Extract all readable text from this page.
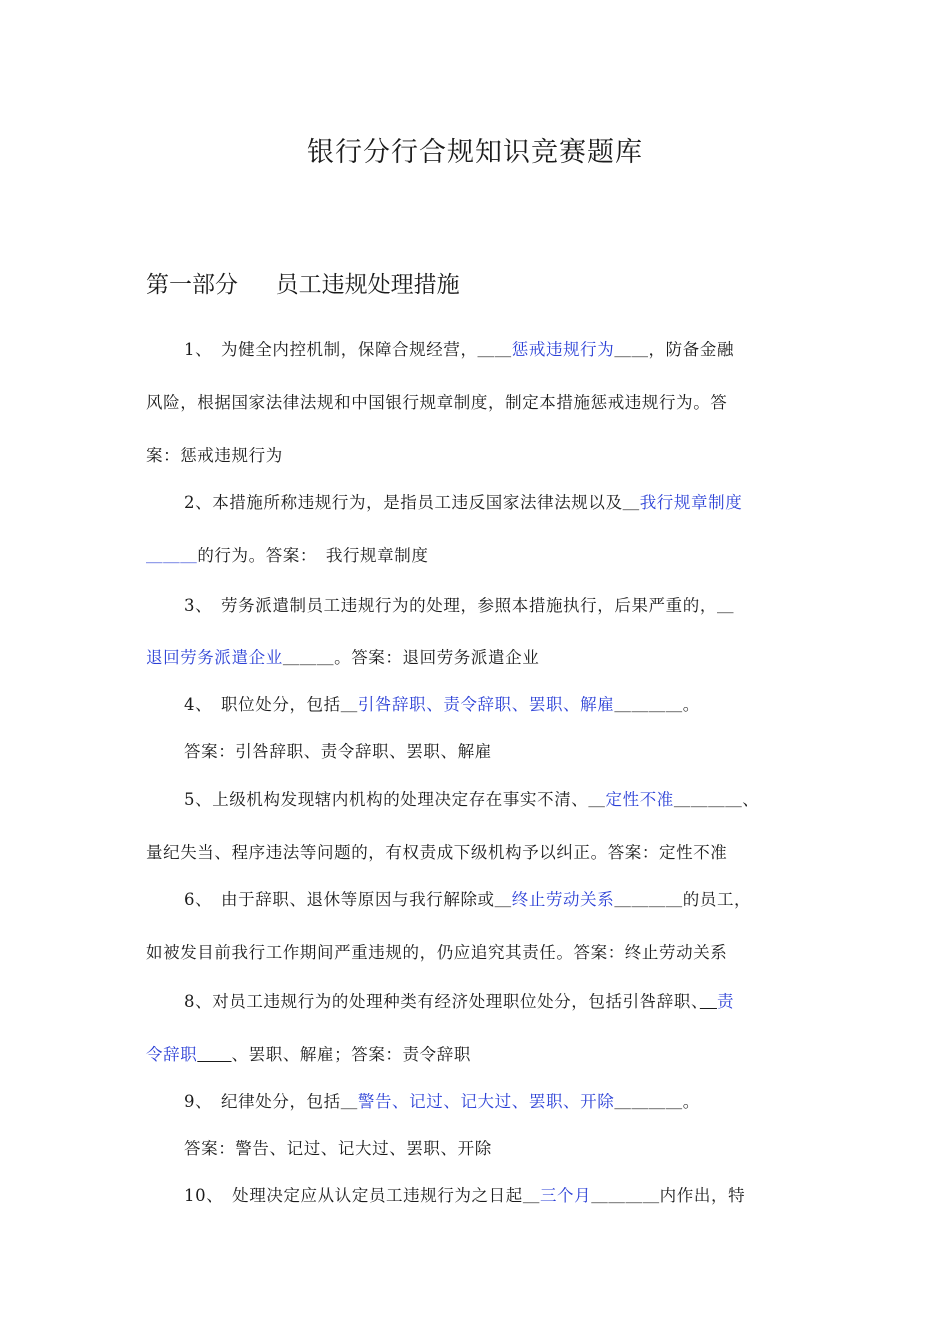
银行分行合规知识竞赛题库
第一部分　  员工违规处理措施
1、　为健全内控机制，保障合规经营，＿＿惩戒违规行为＿＿，防备金融
风险，根据国家法律法规和中国银行规章制度，制定本措施惩戒违规行为。答
案：惩戒违规行为
2、本措施所称违规行为，是指员工违反国家法律法规以及＿我行规章制度
＿＿＿的行为。答案：　我行规章制度
3、　劳务派遣制员工违规行为的处理，参照本措施执行，后果严重的，＿
退回劳务派遣企业＿＿＿。答案：退回劳务派遣企业
4、　职位处分，包括＿引咎辞职、责令辞职、罢职、解雇＿＿＿＿。
答案：引咎辞职、责令辞职、罢职、解雇
5、上级机构发现辖内机构的处理决定存在事实不清、＿定性不准＿＿＿＿、
量纪失当、程序违法等问题的，有权责成下级机构予以纠正。答案：定性不准
6、　由于辞职、退休等原因与我行解除或＿终止劳动关系＿＿＿＿的员工，
如被发目前我行工作期间严重违规的，仍应追究其责任。答案：终止劳动关系
8、对员工违规行为的处理种类有经济处理职位处分，包括引咎辞职、　 责
令辞职　　 、罢职、解雇；答案：责令辞职
9、　纪律处分，包括＿警告、记过、记大过、罢职、开除＿＿＿＿。
答案：警告、记过、记大过、罢职、开除
10、　处理决定应从认定员工违规行为之日起＿三个月＿＿＿＿内作出，特
